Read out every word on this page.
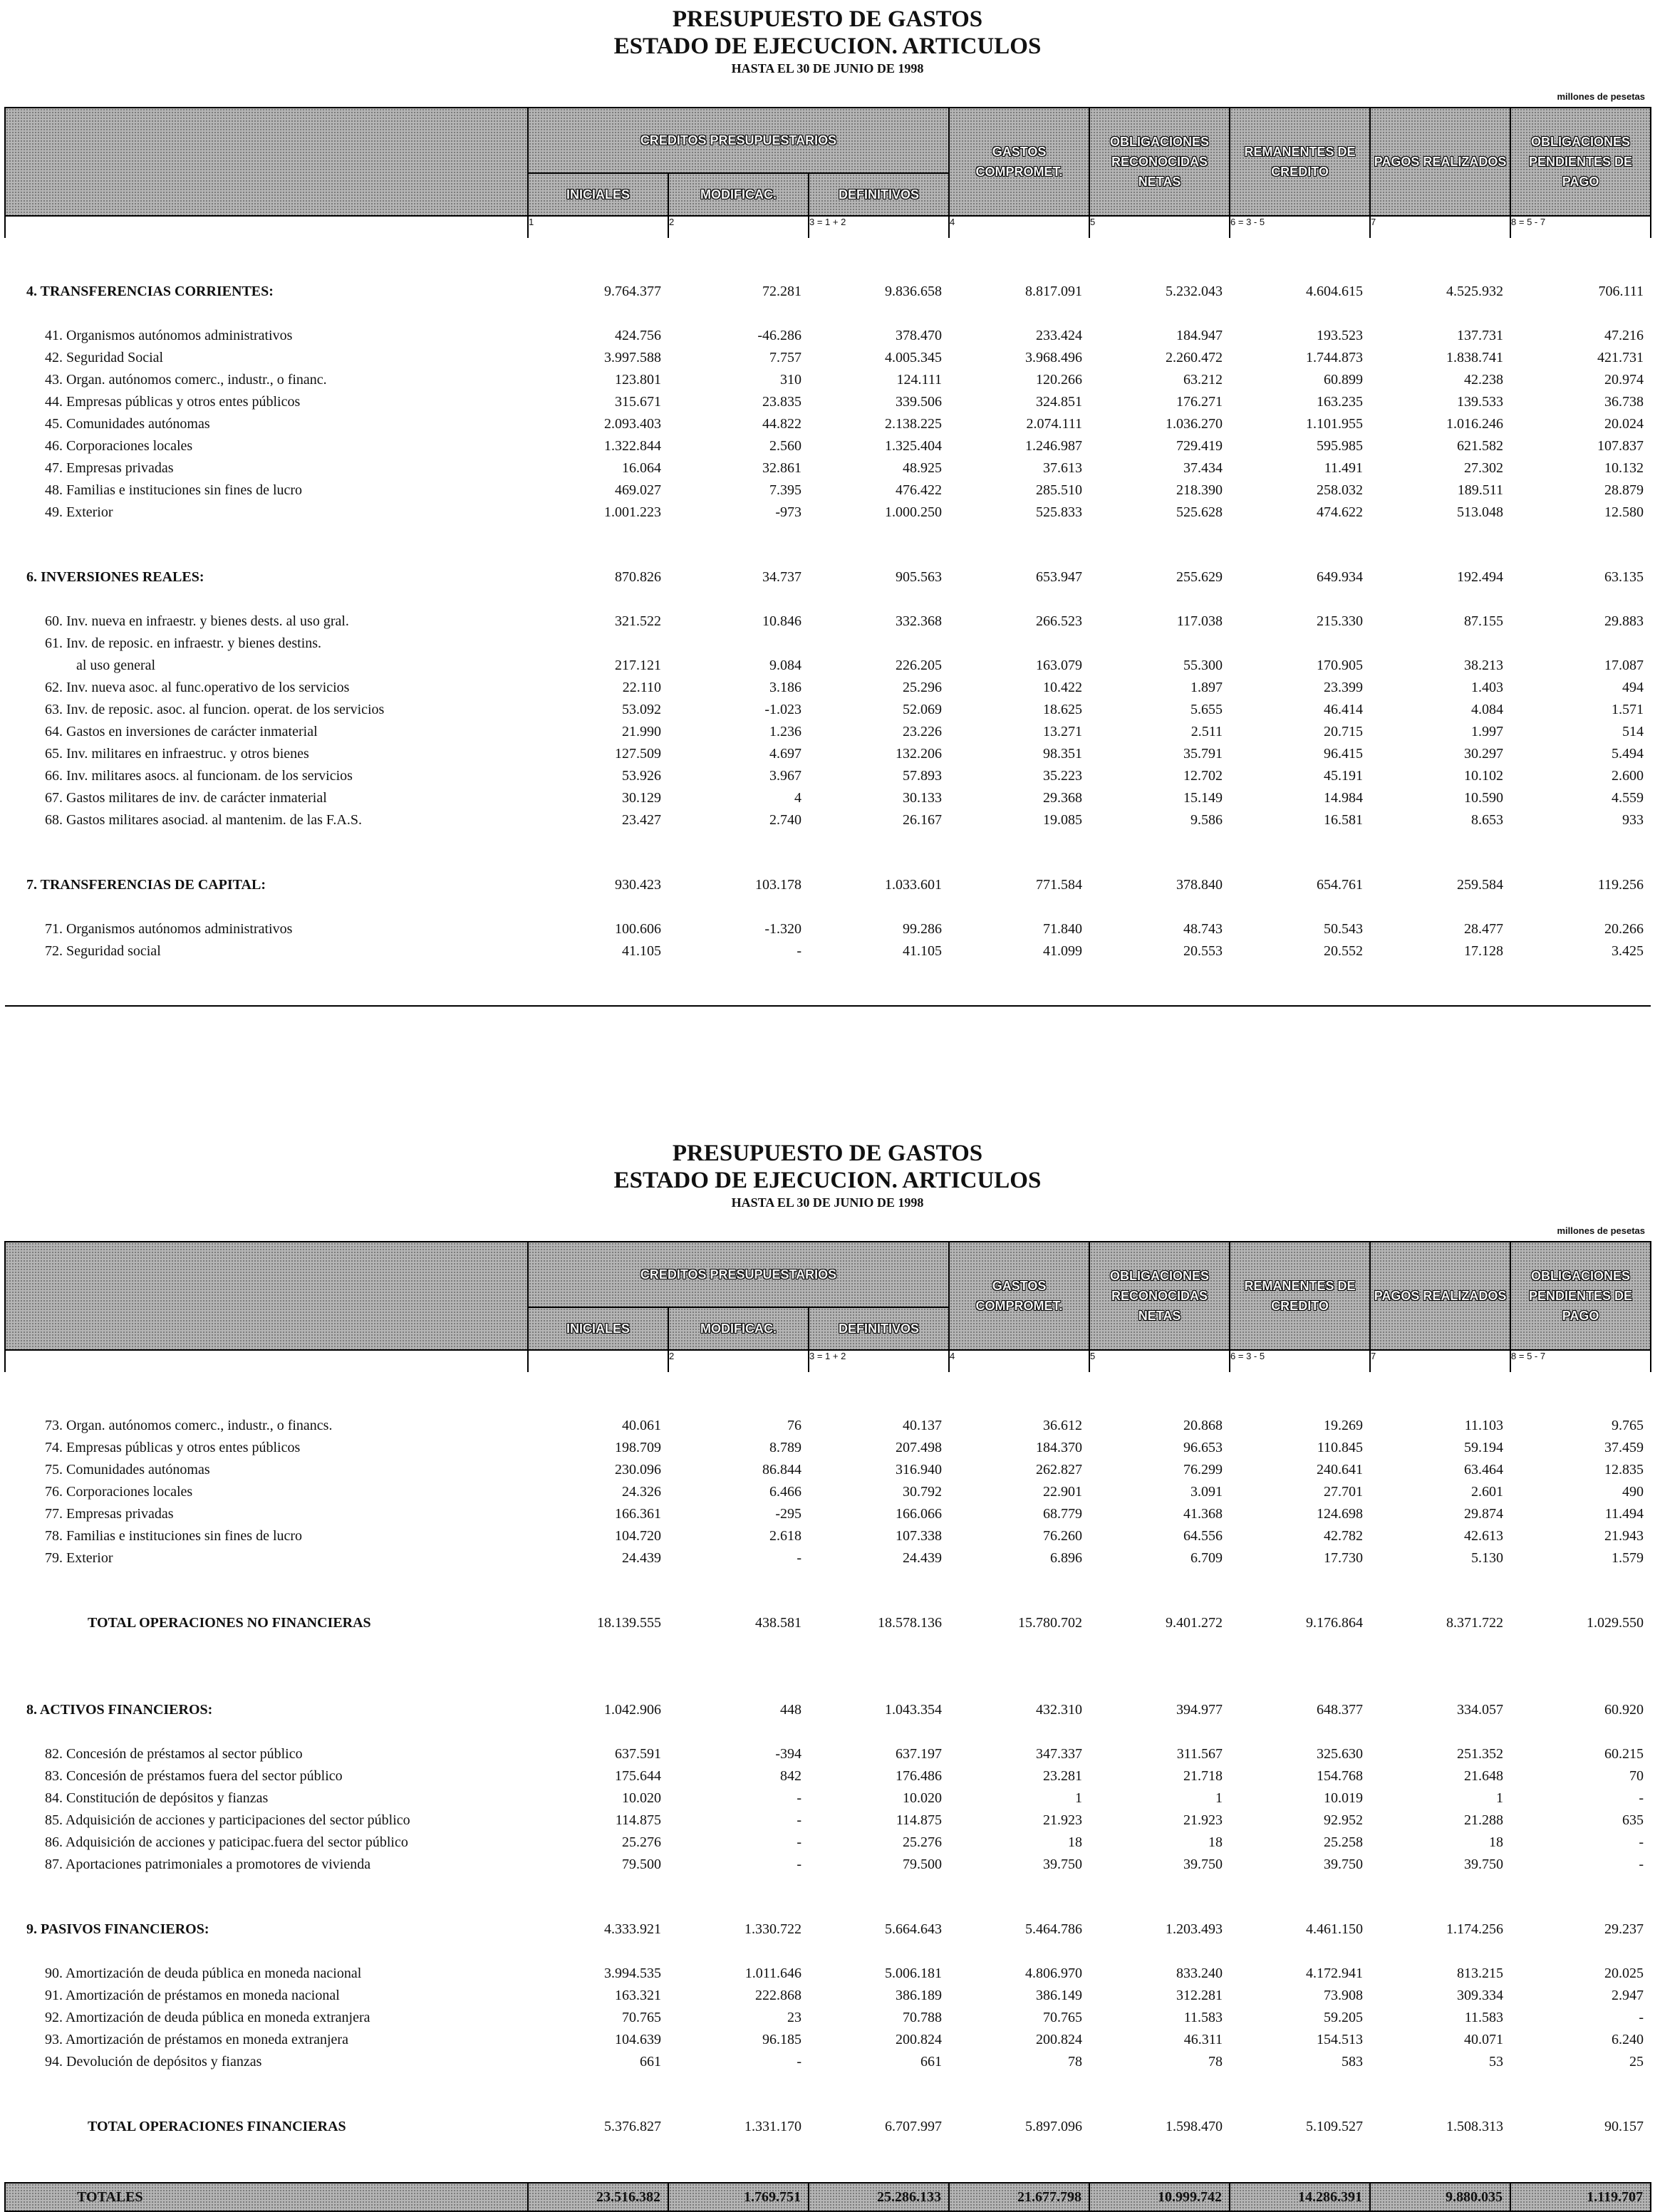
PRESUPUESTO DE GASTOS
ESTADO DE EJECUCION. ARTICULOS
HASTA EL 30 DE JUNIO DE 1998
millones de pesetas
	CREDITOS PRESUPUESTARIOS			GASTOS COMPROMET.	OBLIGACIONES RECONOCIDAS NETAS	REMANENTES DE CREDITO	PAGOS REALIZADOS	OBLIGACIONES PENDIENTES DE PAGO
	INICIALES	MODIFICAC.	DEFINITIVOS					
	1	2	3 = 1 + 2	4	5	6 = 3 - 5	7	8 = 5 - 7

4. TRANSFERENCIAS CORRIENTES:	9.764.377	72.281	9.836.658	8.817.091	5.232.043	4.604.615	4.525.932	706.111

41. Organismos autónomos administrativos	424.756	-46.286	378.470	233.424	184.947	193.523	137.731	47.216
42. Seguridad Social	3.997.588	7.757	4.005.345	3.968.496	2.260.472	1.744.873	1.838.741	421.731
43. Organ. autónomos comerc., industr., o financ.	123.801	310	124.111	120.266	63.212	60.899	42.238	20.974
44. Empresas públicas y otros entes públicos	315.671	23.835	339.506	324.851	176.271	163.235	139.533	36.738
45. Comunidades autónomas	2.093.403	44.822	2.138.225	2.074.111	1.036.270	1.101.955	1.016.246	20.024
46. Corporaciones locales	1.322.844	2.560	1.325.404	1.246.987	729.419	595.985	621.582	107.837
47. Empresas privadas	16.064	32.861	48.925	37.613	37.434	11.491	27.302	10.132
48. Familias e instituciones sin fines de lucro	469.027	7.395	476.422	285.510	218.390	258.032	189.511	28.879
49. Exterior	1.001.223	-973	1.000.250	525.833	525.628	474.622	513.048	12.580

6. INVERSIONES REALES:	870.826	34.737	905.563	653.947	255.629	649.934	192.494	63.135

60. Inv. nueva en infraestr. y bienes dests. al uso gral.	321.522	10.846	332.368	266.523	117.038	215.330	87.155	29.883
61. Inv. de reposic. en infraestr. y bienes destins.								
al uso general	217.121	9.084	226.205	163.079	55.300	170.905	38.213	17.087
62. Inv. nueva asoc. al func.operativo de los servicios	22.110	3.186	25.296	10.422	1.897	23.399	1.403	494
63. Inv. de reposic. asoc. al funcion. operat. de los servicios	53.092	-1.023	52.069	18.625	5.655	46.414	4.084	1.571
64. Gastos en inversiones de carácter inmaterial	21.990	1.236	23.226	13.271	2.511	20.715	1.997	514
65. Inv. militares en infraestruc. y otros bienes	127.509	4.697	132.206	98.351	35.791	96.415	30.297	5.494
66. Inv. militares asocs. al funcionam. de los servicios	53.926	3.967	57.893	35.223	12.702	45.191	10.102	2.600
67. Gastos militares de inv. de carácter inmaterial	30.129	4	30.133	29.368	15.149	14.984	10.590	4.559
68. Gastos militares asociad. al mantenim. de las F.A.S.	23.427	2.740	26.167	19.085	9.586	16.581	8.653	933

7. TRANSFERENCIAS DE CAPITAL:	930.423	103.178	1.033.601	771.584	378.840	654.761	259.584	119.256

71. Organismos autónomos administrativos	100.606	-1.320	99.286	71.840	48.743	50.543	28.477	20.266
72. Seguridad social	41.105	-	41.105	41.099	20.553	20.552	17.128	3.425

PRESUPUESTO DE GASTOS
ESTADO DE EJECUCION. ARTICULOS
HASTA EL 30 DE JUNIO DE 1998
millones de pesetas
	CREDITOS PRESUPUESTARIOS			GASTOS COMPROMET.	OBLIGACIONES RECONOCIDAS NETAS	REMANENTES DE CREDITO	PAGOS REALIZADOS	OBLIGACIONES PENDIENTES DE PAGO
	INICIALES	MODIFICAC.	DEFINITIVOS					
		2	3 = 1 + 2	4	5	6 = 3 - 5	7	8 = 5 - 7

73. Organ. autónomos comerc., industr., o financs.	40.061	76	40.137	36.612	20.868	19.269	11.103	9.765
74. Empresas públicas y otros entes públicos	198.709	8.789	207.498	184.370	96.653	110.845	59.194	37.459
75. Comunidades autónomas	230.096	86.844	316.940	262.827	76.299	240.641	63.464	12.835
76. Corporaciones locales	24.326	6.466	30.792	22.901	3.091	27.701	2.601	490
77. Empresas privadas	166.361	-295	166.066	68.779	41.368	124.698	29.874	11.494
78. Familias e instituciones sin fines de lucro	104.720	2.618	107.338	76.260	64.556	42.782	42.613	21.943
79. Exterior	24.439	-	24.439	6.896	6.709	17.730	5.130	1.579

TOTAL OPERACIONES NO FINANCIERAS	18.139.555	438.581	18.578.136	15.780.702	9.401.272	9.176.864	8.371.722	1.029.550

8. ACTIVOS FINANCIEROS:	1.042.906	448	1.043.354	432.310	394.977	648.377	334.057	60.920

82. Concesión de préstamos al sector público	637.591	-394	637.197	347.337	311.567	325.630	251.352	60.215
83. Concesión de préstamos fuera del sector público	175.644	842	176.486	23.281	21.718	154.768	21.648	70
84. Constitución de depósitos y fianzas	10.020	-	10.020	1	1	10.019	1	-
85. Adquisición de acciones y participaciones del sector público	114.875	-	114.875	21.923	21.923	92.952	21.288	635
86. Adquisición de acciones y paticipac.fuera del sector público	25.276	-	25.276	18	18	25.258	18	-
87. Aportaciones patrimoniales a promotores de vivienda	79.500	-	79.500	39.750	39.750	39.750	39.750	-

9. PASIVOS FINANCIEROS:	4.333.921	1.330.722	5.664.643	5.464.786	1.203.493	4.461.150	1.174.256	29.237

90. Amortización de deuda pública en moneda nacional	3.994.535	1.011.646	5.006.181	4.806.970	833.240	4.172.941	813.215	20.025
91. Amortización de préstamos en moneda nacional	163.321	222.868	386.189	386.149	312.281	73.908	309.334	2.947
92. Amortización de deuda pública en moneda extranjera	70.765	23	70.788	70.765	11.583	59.205	11.583	-
93. Amortización de préstamos en moneda extranjera	104.639	96.185	200.824	200.824	46.311	154.513	40.071	6.240
94. Devolución de depósitos y fianzas	661	-	661	78	78	583	53	25

TOTAL OPERACIONES FINANCIERAS	5.376.827	1.331.170	6.707.997	5.897.096	1.598.470	5.109.527	1.508.313	90.157

TOTALES	23.516.382	1.769.751	25.286.133	21.677.798	10.999.742	14.286.391	9.880.035	1.119.707
